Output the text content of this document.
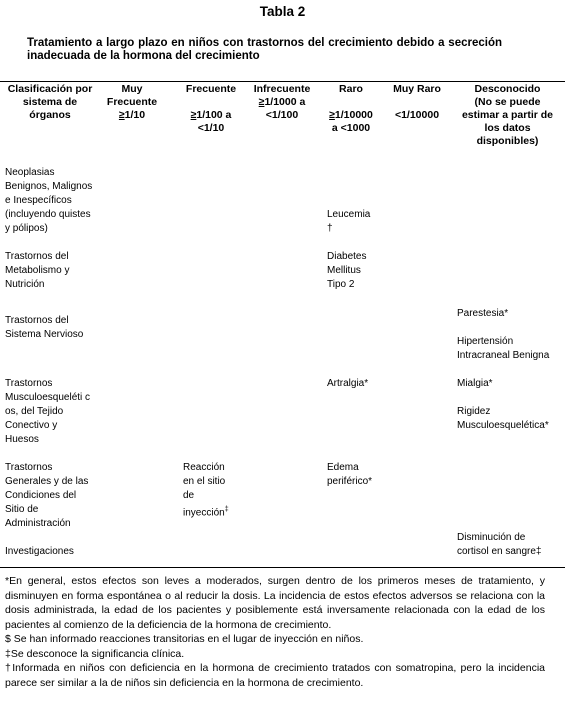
Tabla 2
Tratamiento a largo plazo en niños con trastornos del crecimiento debido a secreción inadecuada de la hormona del crecimiento
Clasificación por
sistema de
órganos
Muy
Frecuente
≥1/10
Frecuente

≥1/100 a
<1/10
Infrecuente
≥1/1000 a
<1/100
Raro

≥1/10000
a <1000
Muy Raro

<1/10000
Desconocido
(No se puede
estimar a partir de
los datos
disponibles)
Neoplasias
Benignos, Malignos
e Inespecíficos
(incluyendo quistes
y pólipos)
Leucemia
†
Trastornos del
Metabolismo y
Nutrición
Diabetes
Mellitus
Tipo 2
Trastornos del
Sistema Nervioso
Parestesia*

Hipertensión
Intracraneal Benigna
Trastornos
Musculoesqueléti c
os, del Tejido
Conectivo y
Huesos
Artralgia*	Mialgia*

Rigidez
Musculoesquelética*
Trastornos
Generales y de las
Condiciones del
Sitio de
Administración
Reacción
en el sitio
de
inyección‡
Edema
periférico*
Investigaciones
Disminución de
cortisol en sangre‡

*En general, estos efectos son leves a moderados, surgen dentro de los primeros meses de tratamiento, y disminuyen en forma espontánea o al reducir la dosis. La incidencia de estos efectos adversos se relaciona con la dosis administrada, la edad de los pacientes y posiblemente está inversamente relacionada con la edad de los pacientes al comienzo de la deficiencia de la hormona de crecimiento.

$ Se han informado reacciones transitorias en el lugar de inyección en niños.

‡Se desconoce la significancia clínica.

†Informada en niños con deficiencia en la hormona de crecimiento tratados con somatropina, pero la incidencia parece ser similar a la de niños sin deficiencia en la hormona de crecimiento.
